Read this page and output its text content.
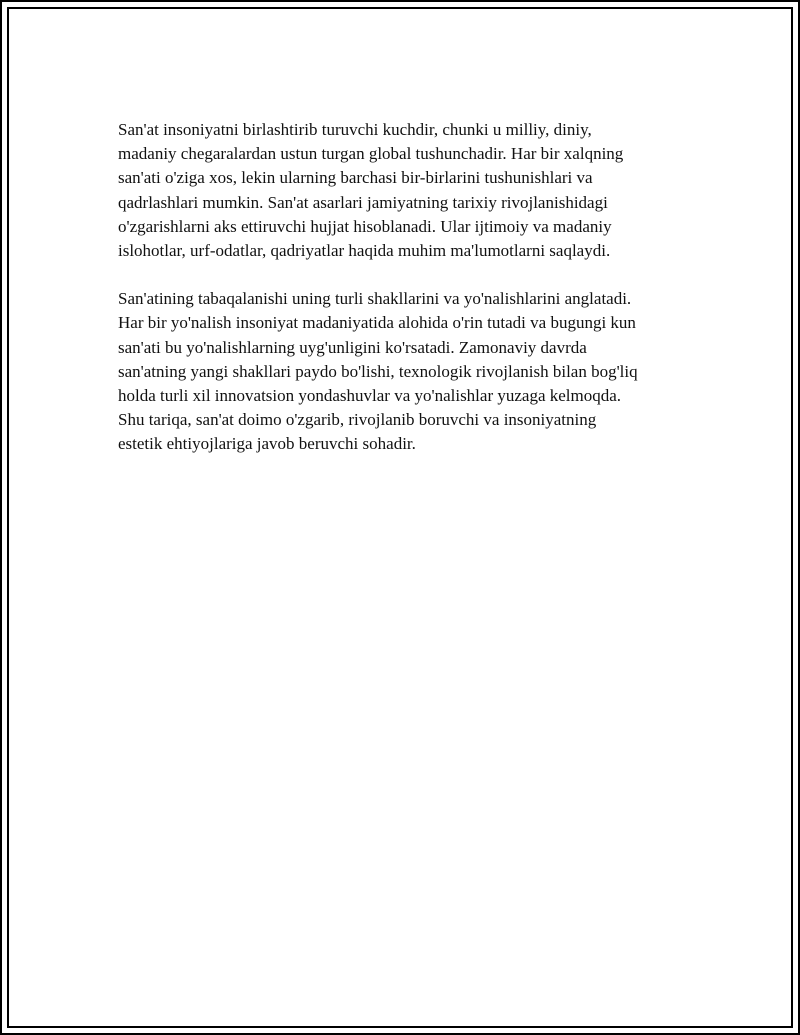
San'at insoniyatni birlashtirib turuvchi kuchdir, chunki u milliy, diniy,
madaniy chegaralardan ustun turgan global tushunchadir. Har bir xalqning
san'ati o'ziga xos, lekin ularning barchasi bir-birlarini tushunishlari va
qadrlashlari mumkin. San'at asarlari jamiyatning tarixiy rivojlanishidagi
o'zgarishlarni aks ettiruvchi hujjat hisoblanadi. Ular ijtimoiy va madaniy
islohotlar, urf-odatlar, qadriyatlar haqida muhim ma'lumotlarni saqlaydi.

San'atining tabaqalanishi uning turli shakllarini va yo'nalishlarini anglatadi.
Har bir yo'nalish insoniyat madaniyatida alohida o'rin tutadi va bugungi kun
san'ati bu yo'nalishlarning uyg'unligini ko'rsatadi. Zamonaviy davrda
san'atning yangi shakllari paydo bo'lishi, texnologik rivojlanish bilan bog'liq
holda turli xil innovatsion yondashuvlar va yo'nalishlar yuzaga kelmoqda.
Shu tariqa, san'at doimo o'zgarib, rivojlanib boruvchi va insoniyatning
estetik ehtiyojlariga javob beruvchi sohadir.
